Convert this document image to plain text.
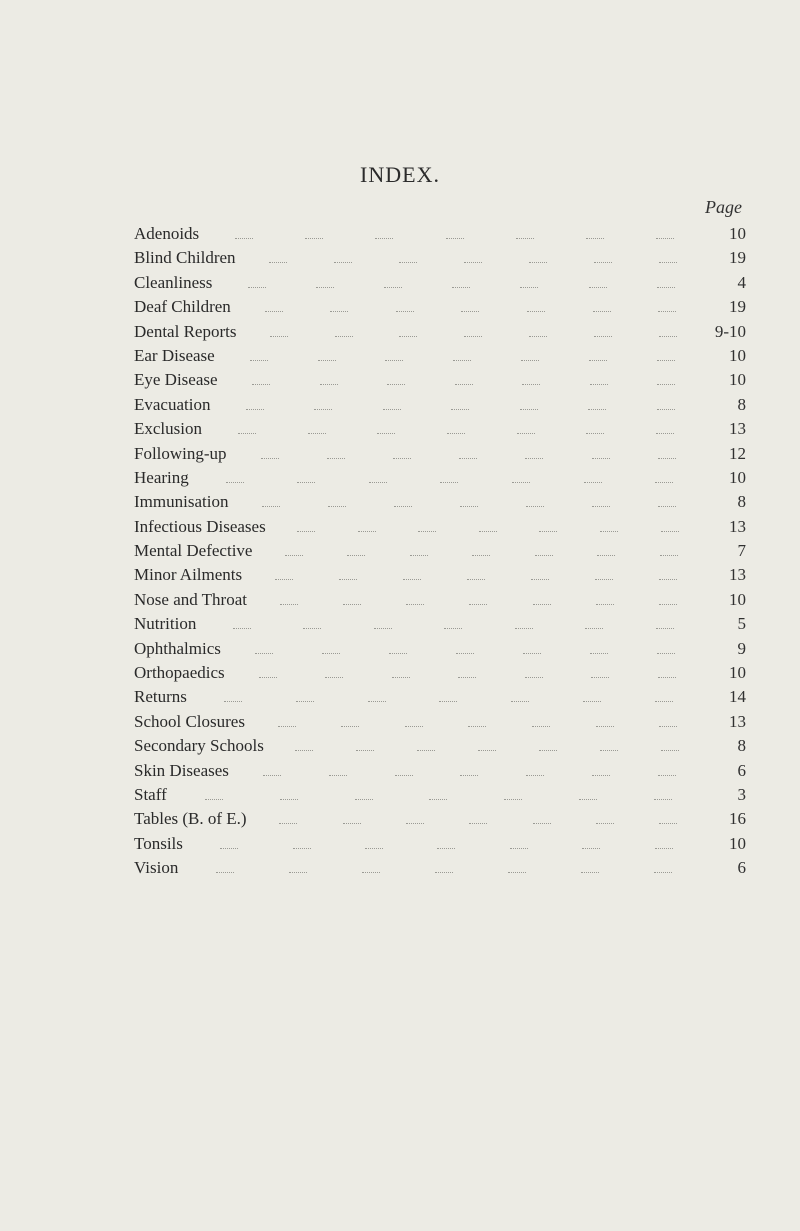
INDEX.
Page
Adenoids	10
Blind Children	19
Cleanliness	4
Deaf Children	19
Dental Reports	9-10
Ear Disease	10
Eye Disease	10
Evacuation	8
Exclusion	13
Following-up	12
Hearing	10
Immunisation	8
Infectious Diseases	13
Mental Defective	7
Minor Ailments	13
Nose and Throat	10
Nutrition	5
Ophthalmics	9
Orthopaedics	10
Returns	14
School Closures	13
Secondary Schools	8
Skin Diseases	6
Staff	3
Tables (B. of E.)	16
Tonsils	10
Vision	6
